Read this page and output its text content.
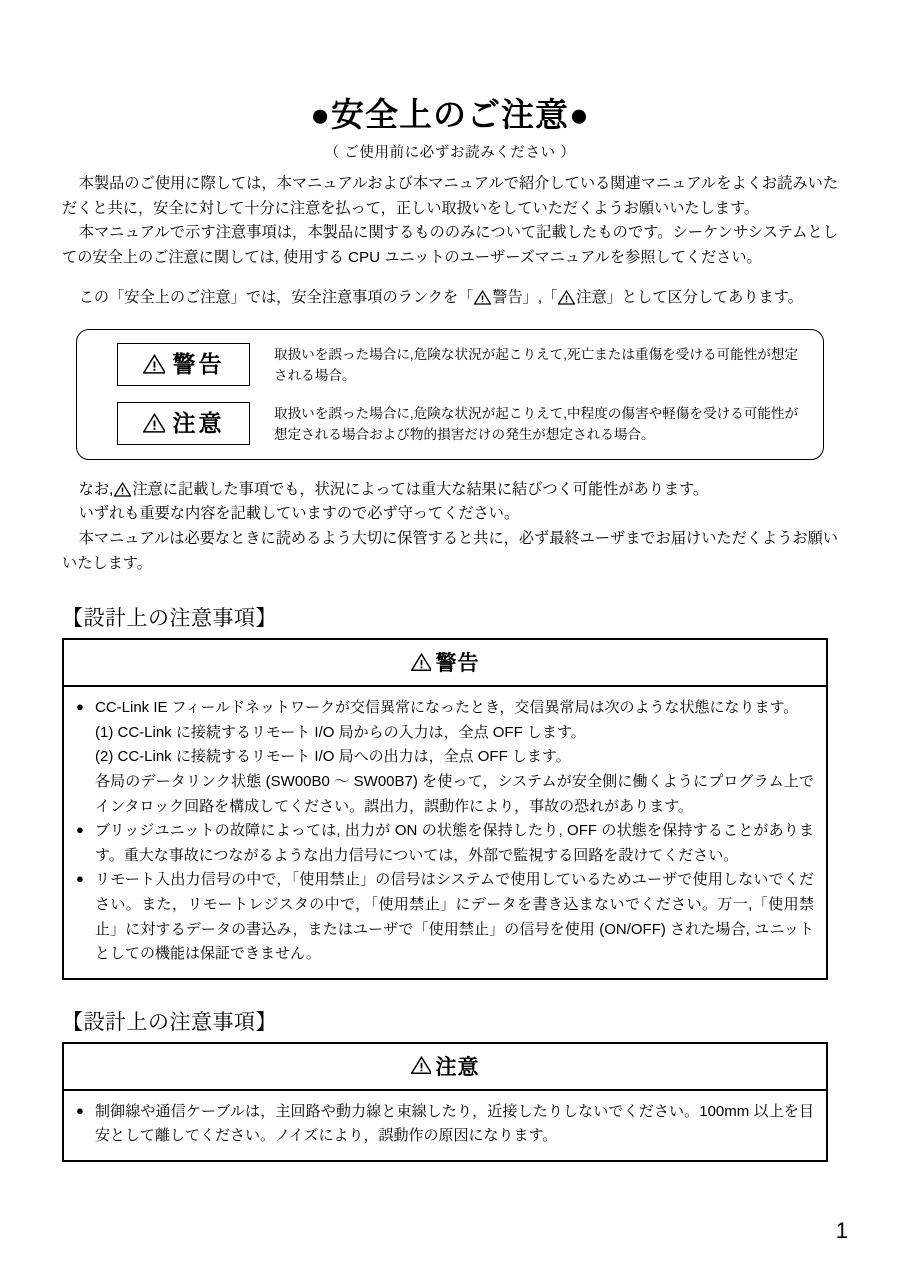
●安全上のご注意●
（ ご使用前に必ずお読みください ）

本製品のご使用に際しては，本マニュアルおよび本マニュアルで紹介している関連マニュアルをよくお読みいただくと共に，安全に対して十分に注意を払って，正しい取扱いをしていただくようお願いいたします。

本マニュアルで示す注意事項は，本製品に関するもののみについて記載したものです。シーケンサシステムとしての安全上のご注意に関しては, 使用する CPU ユニットのユーザーズマニュアルを参照してください。

この「安全上のご注意」では，安全注意事項のランクを「 警告」,「 注意」として区分してあります。
警告	取扱いを誤った場合に,危険な状況が起こりえて,死亡または重傷を受ける可能性が想定される場合。
注意	取扱いを誤った場合に,危険な状況が起こりえて,中程度の傷害や軽傷を受ける可能性が想定される場合および物的損害だけの発生が想定される場合。

なお, 注意に記載した事項でも，状況によっては重大な結果に結びつく可能性があります。

いずれも重要な内容を記載していますので必ず守ってください。

本マニュアルは必要なときに読めるよう大切に保管すると共に，必ず最終ユーザまでお届けいただくようお願いいたします。

【設計上の注意事項】
警告
● CC-Link IE フィールドネットワークが交信異常になったとき，交信異常局は次のような状態になります。
(1) CC-Link に接続するリモート I/O 局からの入力は，全点 OFF します。
(2) CC-Link に接続するリモート I/O 局への出力は，全点 OFF します。
各局のデータリンク状態 (SW00B0 ～ SW00B7) を使って，システムが安全側に働くようにプログラム上でインタロック回路を構成してください。誤出力，誤動作により，事故の恐れがあります。
● ブリッジユニットの故障によっては, 出力が ON の状態を保持したり, OFF の状態を保持することがあります。重大な事故につながるような出力信号については，外部で監視する回路を設けてください。
● リモート入出力信号の中で，「使用禁止」の信号はシステムで使用しているためユーザで使用しないでください。また，リモートレジスタの中で，「使用禁止」にデータを書き込まないでください。万一,「使用禁止」に対するデータの書込み，またはユーザで「使用禁止」の信号を使用 (ON/OFF) された場合, ユニットとしての機能は保証できません。
【設計上の注意事項】
注意
● 制御線や通信ケーブルは，主回路や動力線と束線したり，近接したりしないでください。100mm 以上を目安として離してください。ノイズにより，誤動作の原因になります。
1
